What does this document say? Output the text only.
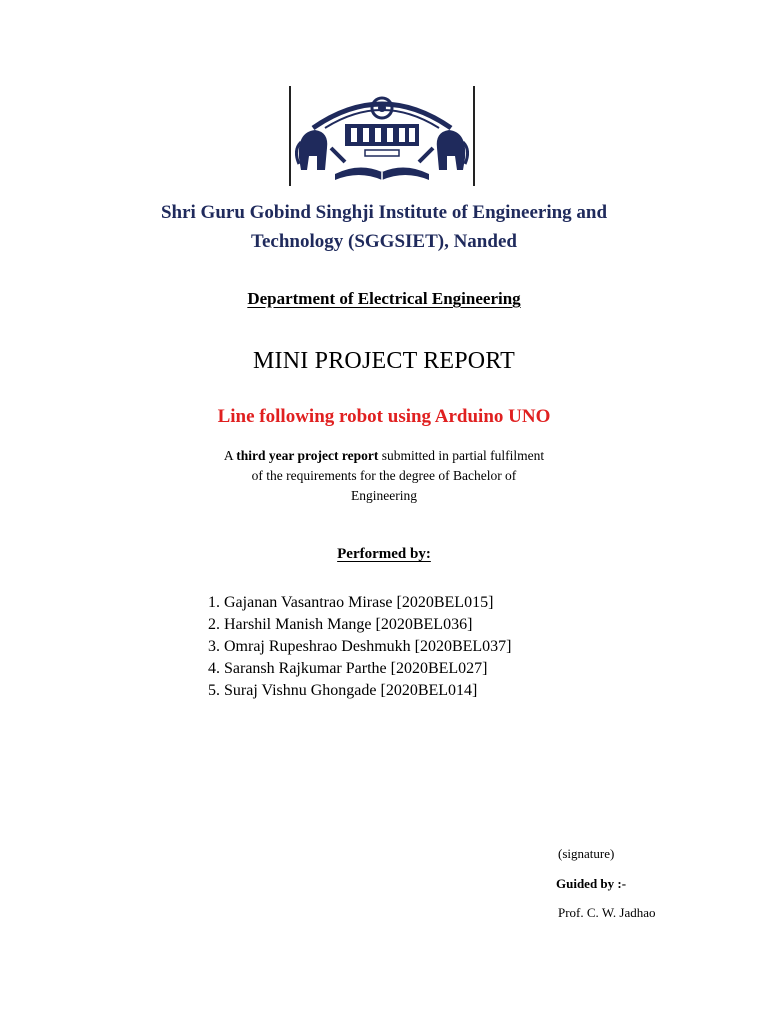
Shri Guru Gobind Singhji Institute of Engineering and
Technology (SGGSIET), Nanded
Department of Electrical Engineering
MINI PROJECT REPORT
Line following robot using Arduino UNO
A third year project report submitted in partial fulfilment
of the requirements for the degree of Bachelor of
Engineering
Performed by:
1. Gajanan Vasantrao Mirase [2020BEL015]
2. Harshil Manish Mange [2020BEL036]
3. Omraj Rupeshrao Deshmukh [2020BEL037]
4. Saransh Rajkumar Parthe [2020BEL027]
5. Suraj Vishnu Ghongade [2020BEL014]
(signature)
Guided by :-
Prof. C. W. Jadhao
